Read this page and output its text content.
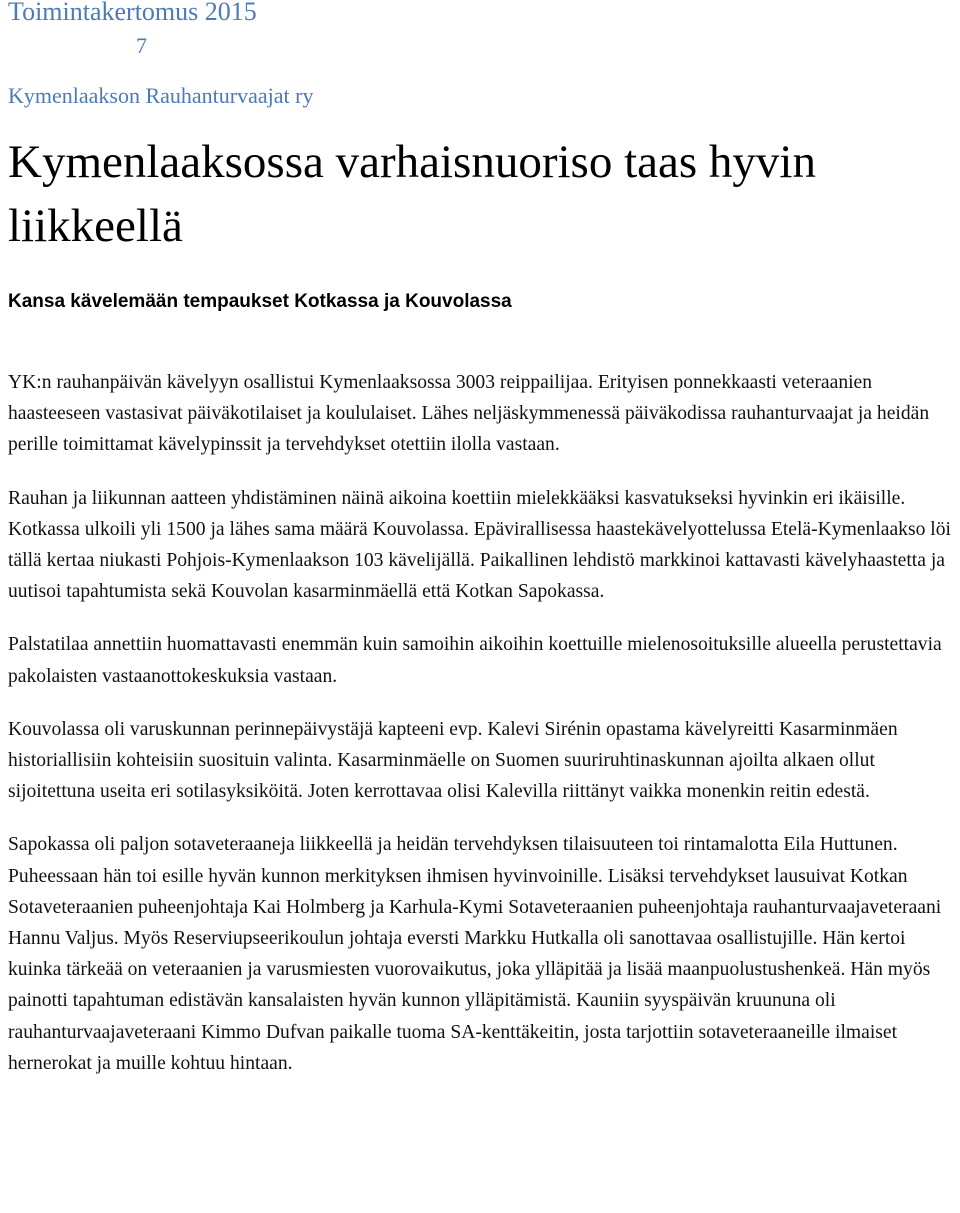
Toimintakertomus 2015
7
Kymenlaakson Rauhanturvaajat ry
Kymenlaaksossa varhaisnuoriso taas hyvin liikkeellä
Kansa kävelemään tempaukset Kotkassa ja Kouvolassa

YK:n rauhanpäivän kävelyyn osallistui Kymenlaaksossa 3003 reippailijaa. Erityisen ponnekkaasti veteraanien haasteeseen vastasivat päiväkotilaiset ja koululaiset. Lähes neljäskymmenessä päiväkodissa rauhanturvaajat ja heidän perille toimittamat kävelypinssit ja tervehdykset otettiin ilolla vastaan.

Rauhan ja liikunnan aatteen yhdistäminen näinä aikoina koettiin mielekkääksi kasvatukseksi hyvinkin eri ikäisille. Kotkassa ulkoili yli 1500 ja lähes sama määrä Kouvolassa. Epävirallisessa haastekävelyottelussa Etelä-Kymenlaakso löi tällä kertaa niukasti Pohjois-Kymenlaakson 103 kävelijällä. Paikallinen lehdistö markkinoi kattavasti kävelyhaastetta ja uutisoi tapahtumista sekä Kouvolan kasarminmäellä että Kotkan Sapokassa.

Palstatilaa annettiin huomattavasti enemmän kuin samoihin aikoihin koettuille mielenosoituksille alueella perustettavia pakolaisten vastaanottokeskuksia vastaan.

Kouvolassa oli varuskunnan perinnepäivystäjä kapteeni evp. Kalevi Sirénin opastama kävelyreitti Kasarminmäen historiallisiin kohteisiin suosituin valinta. Kasarminmäelle on Suomen suuriruhtinaskunnan ajoilta alkaen ollut sijoitettuna useita eri sotilasyksiköitä. Joten kerrottavaa olisi Kalevilla riittänyt vaikka monenkin reitin edestä.

Sapokassa oli paljon sotaveteraaneja liikkeellä ja heidän tervehdyksen tilaisuuteen toi rintamalotta Eila Huttunen. Puheessaan hän toi esille hyvän kunnon merkityksen ihmisen hyvinvoinille. Lisäksi tervehdykset lausuivat Kotkan Sotaveteraanien puheenjohtaja Kai Holmberg ja Karhula-Kymi Sotaveteraanien puheenjohtaja rauhanturvaajaveteraani Hannu Valjus. Myös Reserviupseerikoulun johtaja eversti Markku Hutkalla oli sanottavaa osallistujille. Hän kertoi kuinka tärkeää on veteraanien ja varusmiesten vuorovaikutus, joka ylläpitää ja lisää maanpuolustushenkeä. Hän myös painotti tapahtuman edistävän kansalaisten hyvän kunnon ylläpitämistä. Kauniin syyspäivän kruununa oli rauhanturvaajaveteraani Kimmo Dufvan paikalle tuoma SA-kenttäkeitin, josta tarjottiin sotaveteraaneille ilmaiset hernerokat ja muille kohtuu hintaan.
